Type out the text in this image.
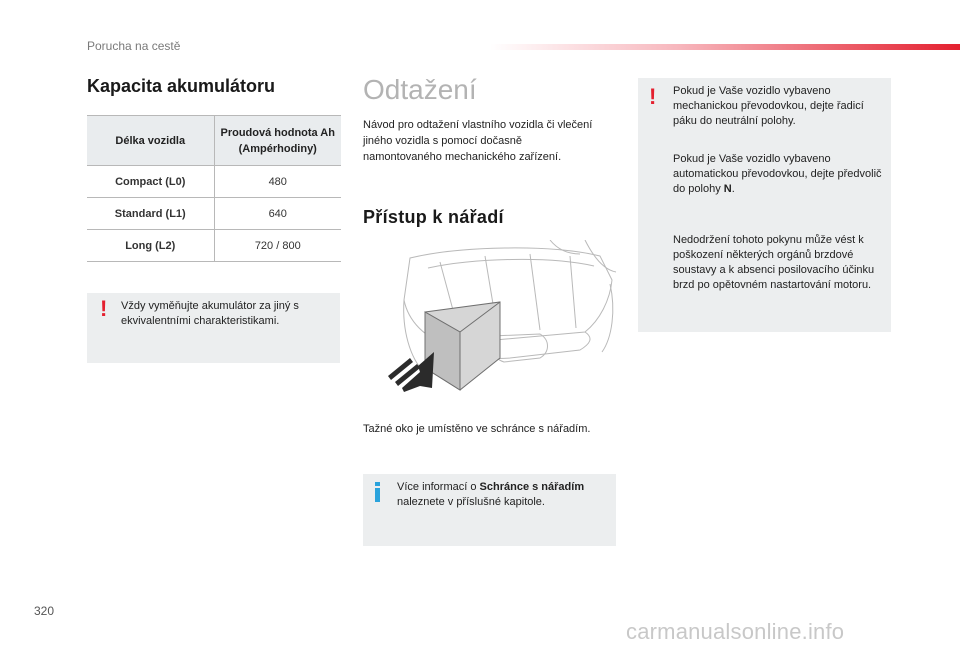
Porucha na cestě
Kapacita akumulátoru
Délka vozidla	Proudová hodnota Ah (Ampérhodiny)
Compact (L0)	480
Standard (L1)	640
Long (L2)	720 / 800
! Vždy vyměňujte akumulátor za jiný s ekvivalentními charakteristikami.

Odtažení

Návod pro odtažení vlastního vozidla či vlečení jiného vozidla s pomocí dočasně namontovaného mechanického zařízení.

Přístup k nářadí

Tažné oko je umístěno ve schránce s nářadím.

Více informací o Schránce s nářadím naleznete v příslušné kapitole.

! Pokud je Vaše vozidlo vybaveno mechanickou převodovkou, dejte řadicí páku do neutrální polohy.

Pokud je Vaše vozidlo vybaveno automatickou převodovkou, dejte předvolič do polohy N.

Nedodržení tohoto pokynu může vést k poškození některých orgánů brzdové soustavy a k absenci posilovacího účinku brzd po opětovném nastartování motoru.

320
carmanualsonline.info
